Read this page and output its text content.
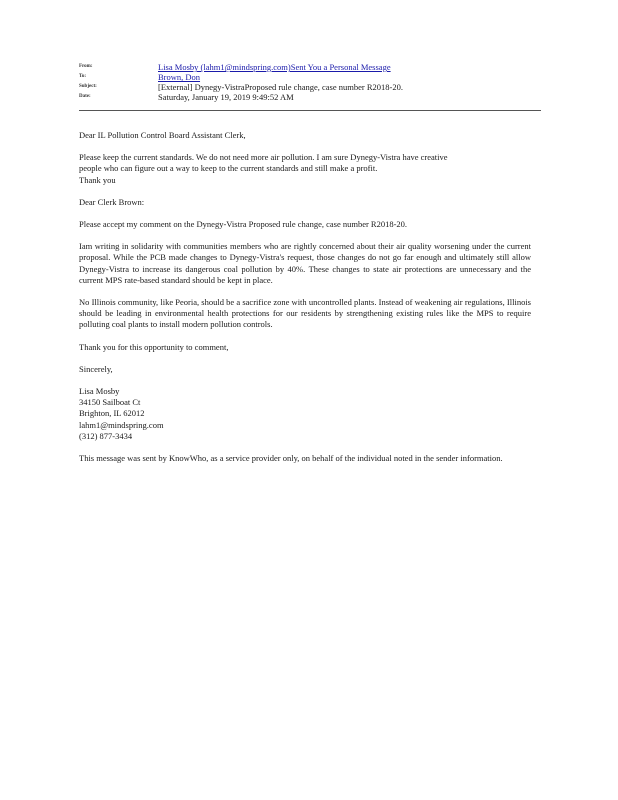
From:	Lisa Mosby (lahm1@mindspring.com)Sent You a Personal Message
To:	Brown, Don
Subject:	[External] Dynegy-VistraProposed rule change, case number R2018-20.
Date:	Saturday, January 19, 2019 9:49:52 AM

Dear IL Pollution Control Board Assistant Clerk,

Please keep the current standards. We do not need more air pollution. I am sure Dynegy-Vistra have creative
people who can figure out a way to keep to the current standards and still make a profit.
Thank you

Dear Clerk Brown:

Please accept my comment on the Dynegy-Vistra Proposed rule change, case number R2018-20.

Iam writing in solidarity with communities members who are rightly concerned about their air quality worsening under the current proposal. While the PCB made changes to Dynegy-Vistra's request, those changes do not go far enough and ultimately still allow Dynegy-Vistra to increase its dangerous coal pollution by 40%. These changes to state air protections are unnecessary and the current MPS rate-based standard should be kept in place.

No Illinois community, like Peoria, should be a sacrifice zone with uncontrolled plants. Instead of weakening air regulations, Illinois should be leading in environmental health protections for our residents by strengthening existing rules like the MPS to require polluting coal plants to install modern pollution controls.

Thank you for this opportunity to comment,

Sincerely,

Lisa Mosby
34150 Sailboat Ct
Brighton, IL 62012
lahm1@mindspring.com
(312) 877-3434

This message was sent by KnowWho, as a service provider only, on behalf of the individual noted in the sender information.
